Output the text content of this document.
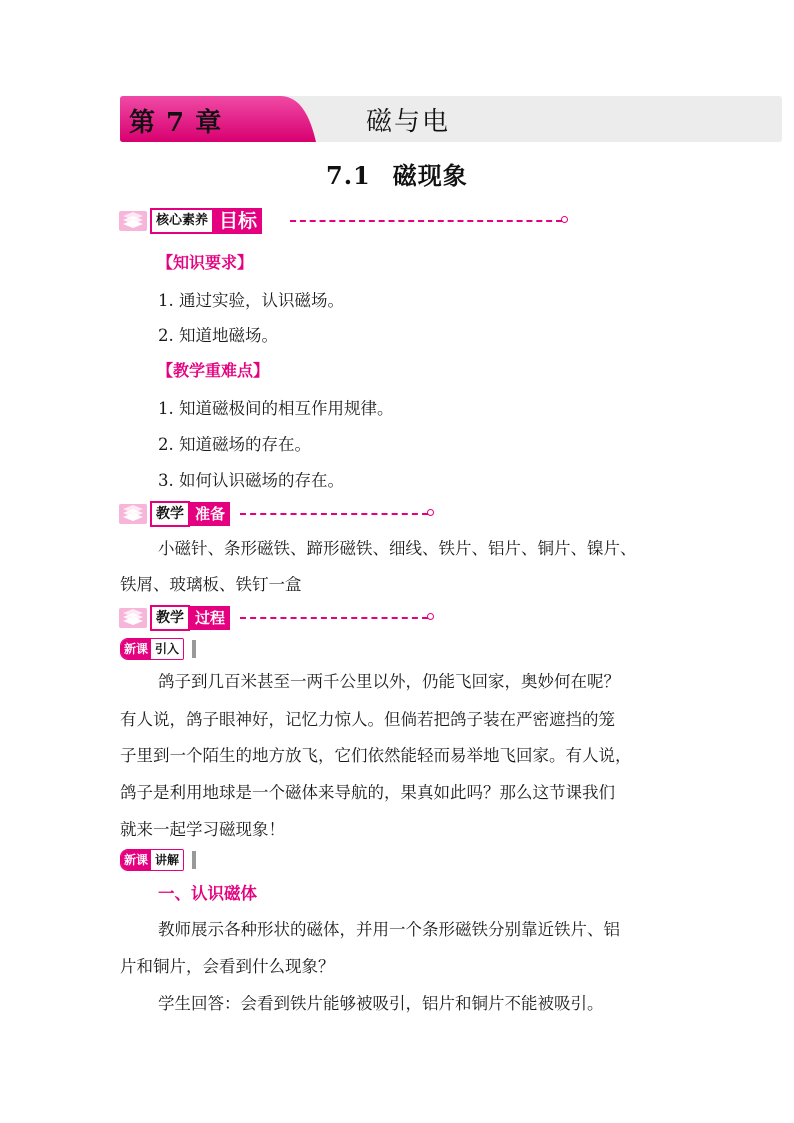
第 7 章	磁与电
7.1 磁现象
核心素养 目标
【知识要求】
1. 通过实验，认识磁场。
2. 知道地磁场。
【教学重难点】
1. 知道磁极间的相互作用规律。
2. 知道磁场的存在。
3. 如何认识磁场的存在。
教学 准备
小磁针、条形磁铁、蹄形磁铁、细线、铁片、铝片、铜片、镍片、
铁屑、玻璃板、铁钉一盒
教学 过程
新课 引入
鸽子到几百米甚至一两千公里以外，仍能飞回家，奥妙何在呢？
有人说，鸽子眼神好，记忆力惊人。但倘若把鸽子装在严密遮挡的笼
子里到一个陌生的地方放飞，它们依然能轻而易举地飞回家。有人说，
鸽子是利用地球是一个磁体来导航的，果真如此吗？那么这节课我们
就来一起学习磁现象！
新课 讲解
一、认识磁体
教师展示各种形状的磁体，并用一个条形磁铁分别靠近铁片、铝
片和铜片，会看到什么现象？
学生回答：会看到铁片能够被吸引，铝片和铜片不能被吸引。
